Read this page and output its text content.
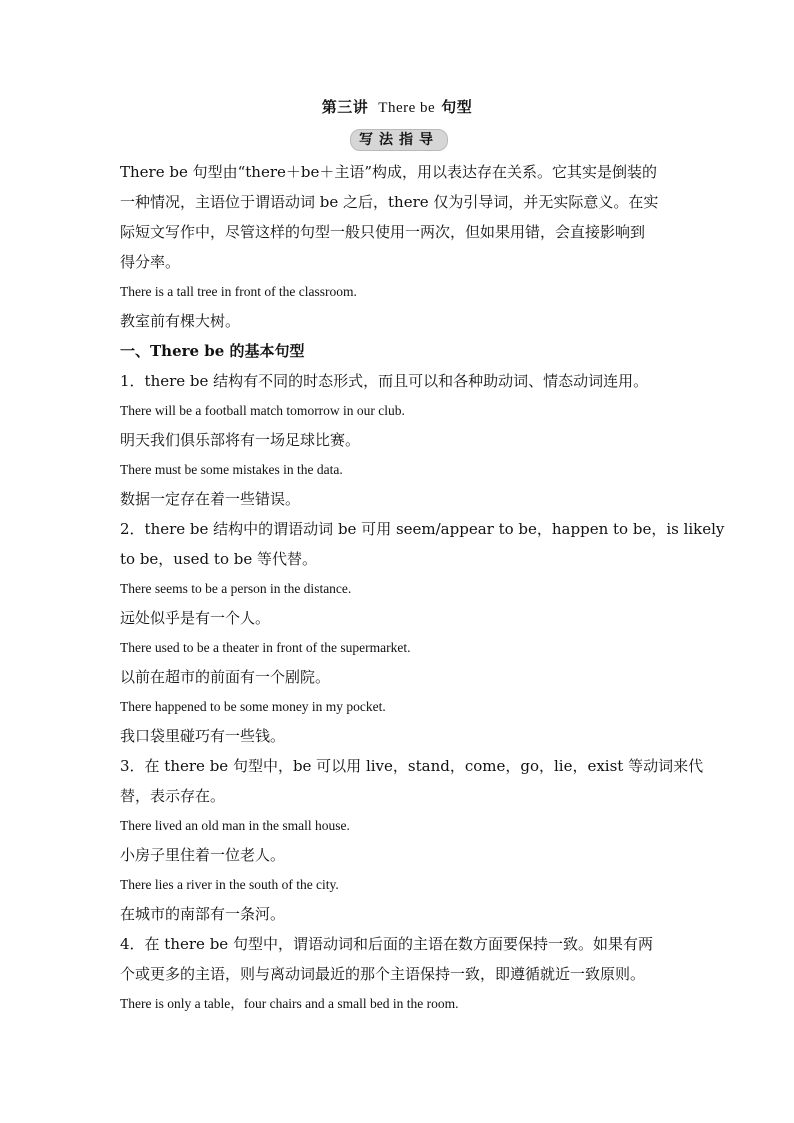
第三讲 There be 句型
写法指导
There be 句型由“there＋be＋主语”构成，用以表达存在关系。它其实是倒装的
一种情况，主语位于谓语动词 be 之后，there 仅为引导词，并无实际意义。在实
际短文写作中，尽管这样的句型一般只使用一两次，但如果用错，会直接影响到
得分率。
There is a tall tree in front of the classroom.
教室前有棵大树。
一、There be 的基本句型
1．there be 结构有不同的时态形式，而且可以和各种助动词、情态动词连用。
There will be a football match tomorrow in our club.
明天我们俱乐部将有一场足球比赛。
There must be some mistakes in the data.
数据一定存在着一些错误。
2．there be 结构中的谓语动词 be 可用 seem/appear to be，happen to be，is likely
to be，used to be 等代替。
There seems to be a person in the distance.
远处似乎是有一个人。
There used to be a theater in front of the supermarket.
以前在超市的前面有一个剧院。
There happened to be some money in my pocket.
我口袋里碰巧有一些钱。
3．在 there be 句型中，be 可以用 live，stand，come，go，lie，exist 等动词来代
替，表示存在。
There lived an old man in the small house.
小房子里住着一位老人。
There lies a river in the south of the city.
在城市的南部有一条河。
4．在 there be 句型中，谓语动词和后面的主语在数方面要保持一致。如果有两
个或更多的主语，则与离动词最近的那个主语保持一致，即遵循就近一致原则。
There is only a table，four chairs and a small bed in the room.
